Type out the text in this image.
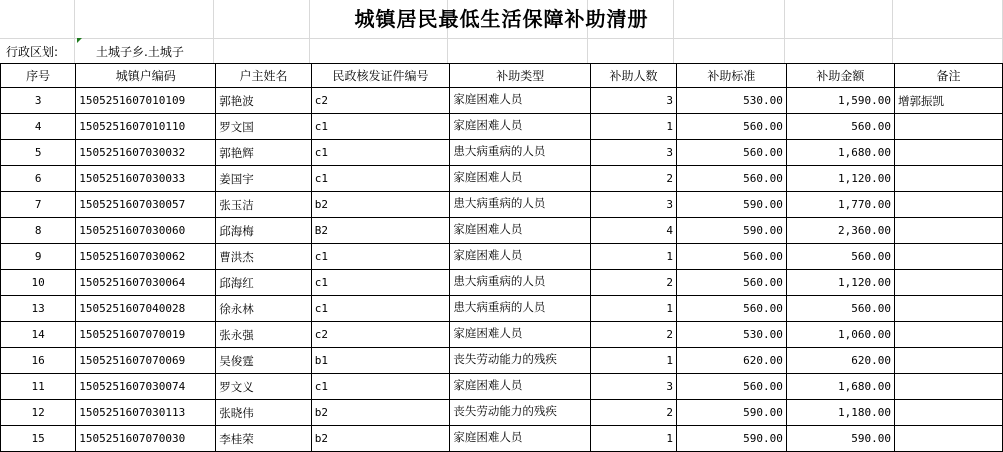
城镇居民最低生活保障补助清册
行政区划:	土城子乡.土城子
序号	城镇户编码	户主姓名	民政核发证件编号	补助类型	补助人数	补助标准	补助金额	备注
3	1505251607010109	郭艳波	c2	家庭困难人员	3	530.00	1,590.00	增郭振凯
4	1505251607010110	罗文国	c1	家庭困难人员	1	560.00	560.00	
5	1505251607030032	郭艳辉	c1	患大病重病的人员	3	560.00	1,680.00	
6	1505251607030033	姜国宇	c1	家庭困难人员	2	560.00	1,120.00	
7	1505251607030057	张玉洁	b2	患大病重病的人员	3	590.00	1,770.00	
8	1505251607030060	邱海梅	B2	家庭困难人员	4	590.00	2,360.00	
9	1505251607030062	曹洪杰	c1	家庭困难人员	1	560.00	560.00	
10	1505251607030064	邱海红	c1	患大病重病的人员	2	560.00	1,120.00	
13	1505251607040028	徐永林	c1	患大病重病的人员	1	560.00	560.00	
14	1505251607070019	张永强	c2	家庭困难人员	2	530.00	1,060.00	
16	1505251607070069	吴俊霆	b1	丧失劳动能力的残疾	1	620.00	620.00	
11	1505251607030074	罗文义	c1	家庭困难人员	3	560.00	1,680.00	
12	1505251607030113	张晓伟	b2	丧失劳动能力的残疾	2	590.00	1,180.00	
15	1505251607070030	李桂荣	b2	家庭困难人员	1	590.00	590.00	
